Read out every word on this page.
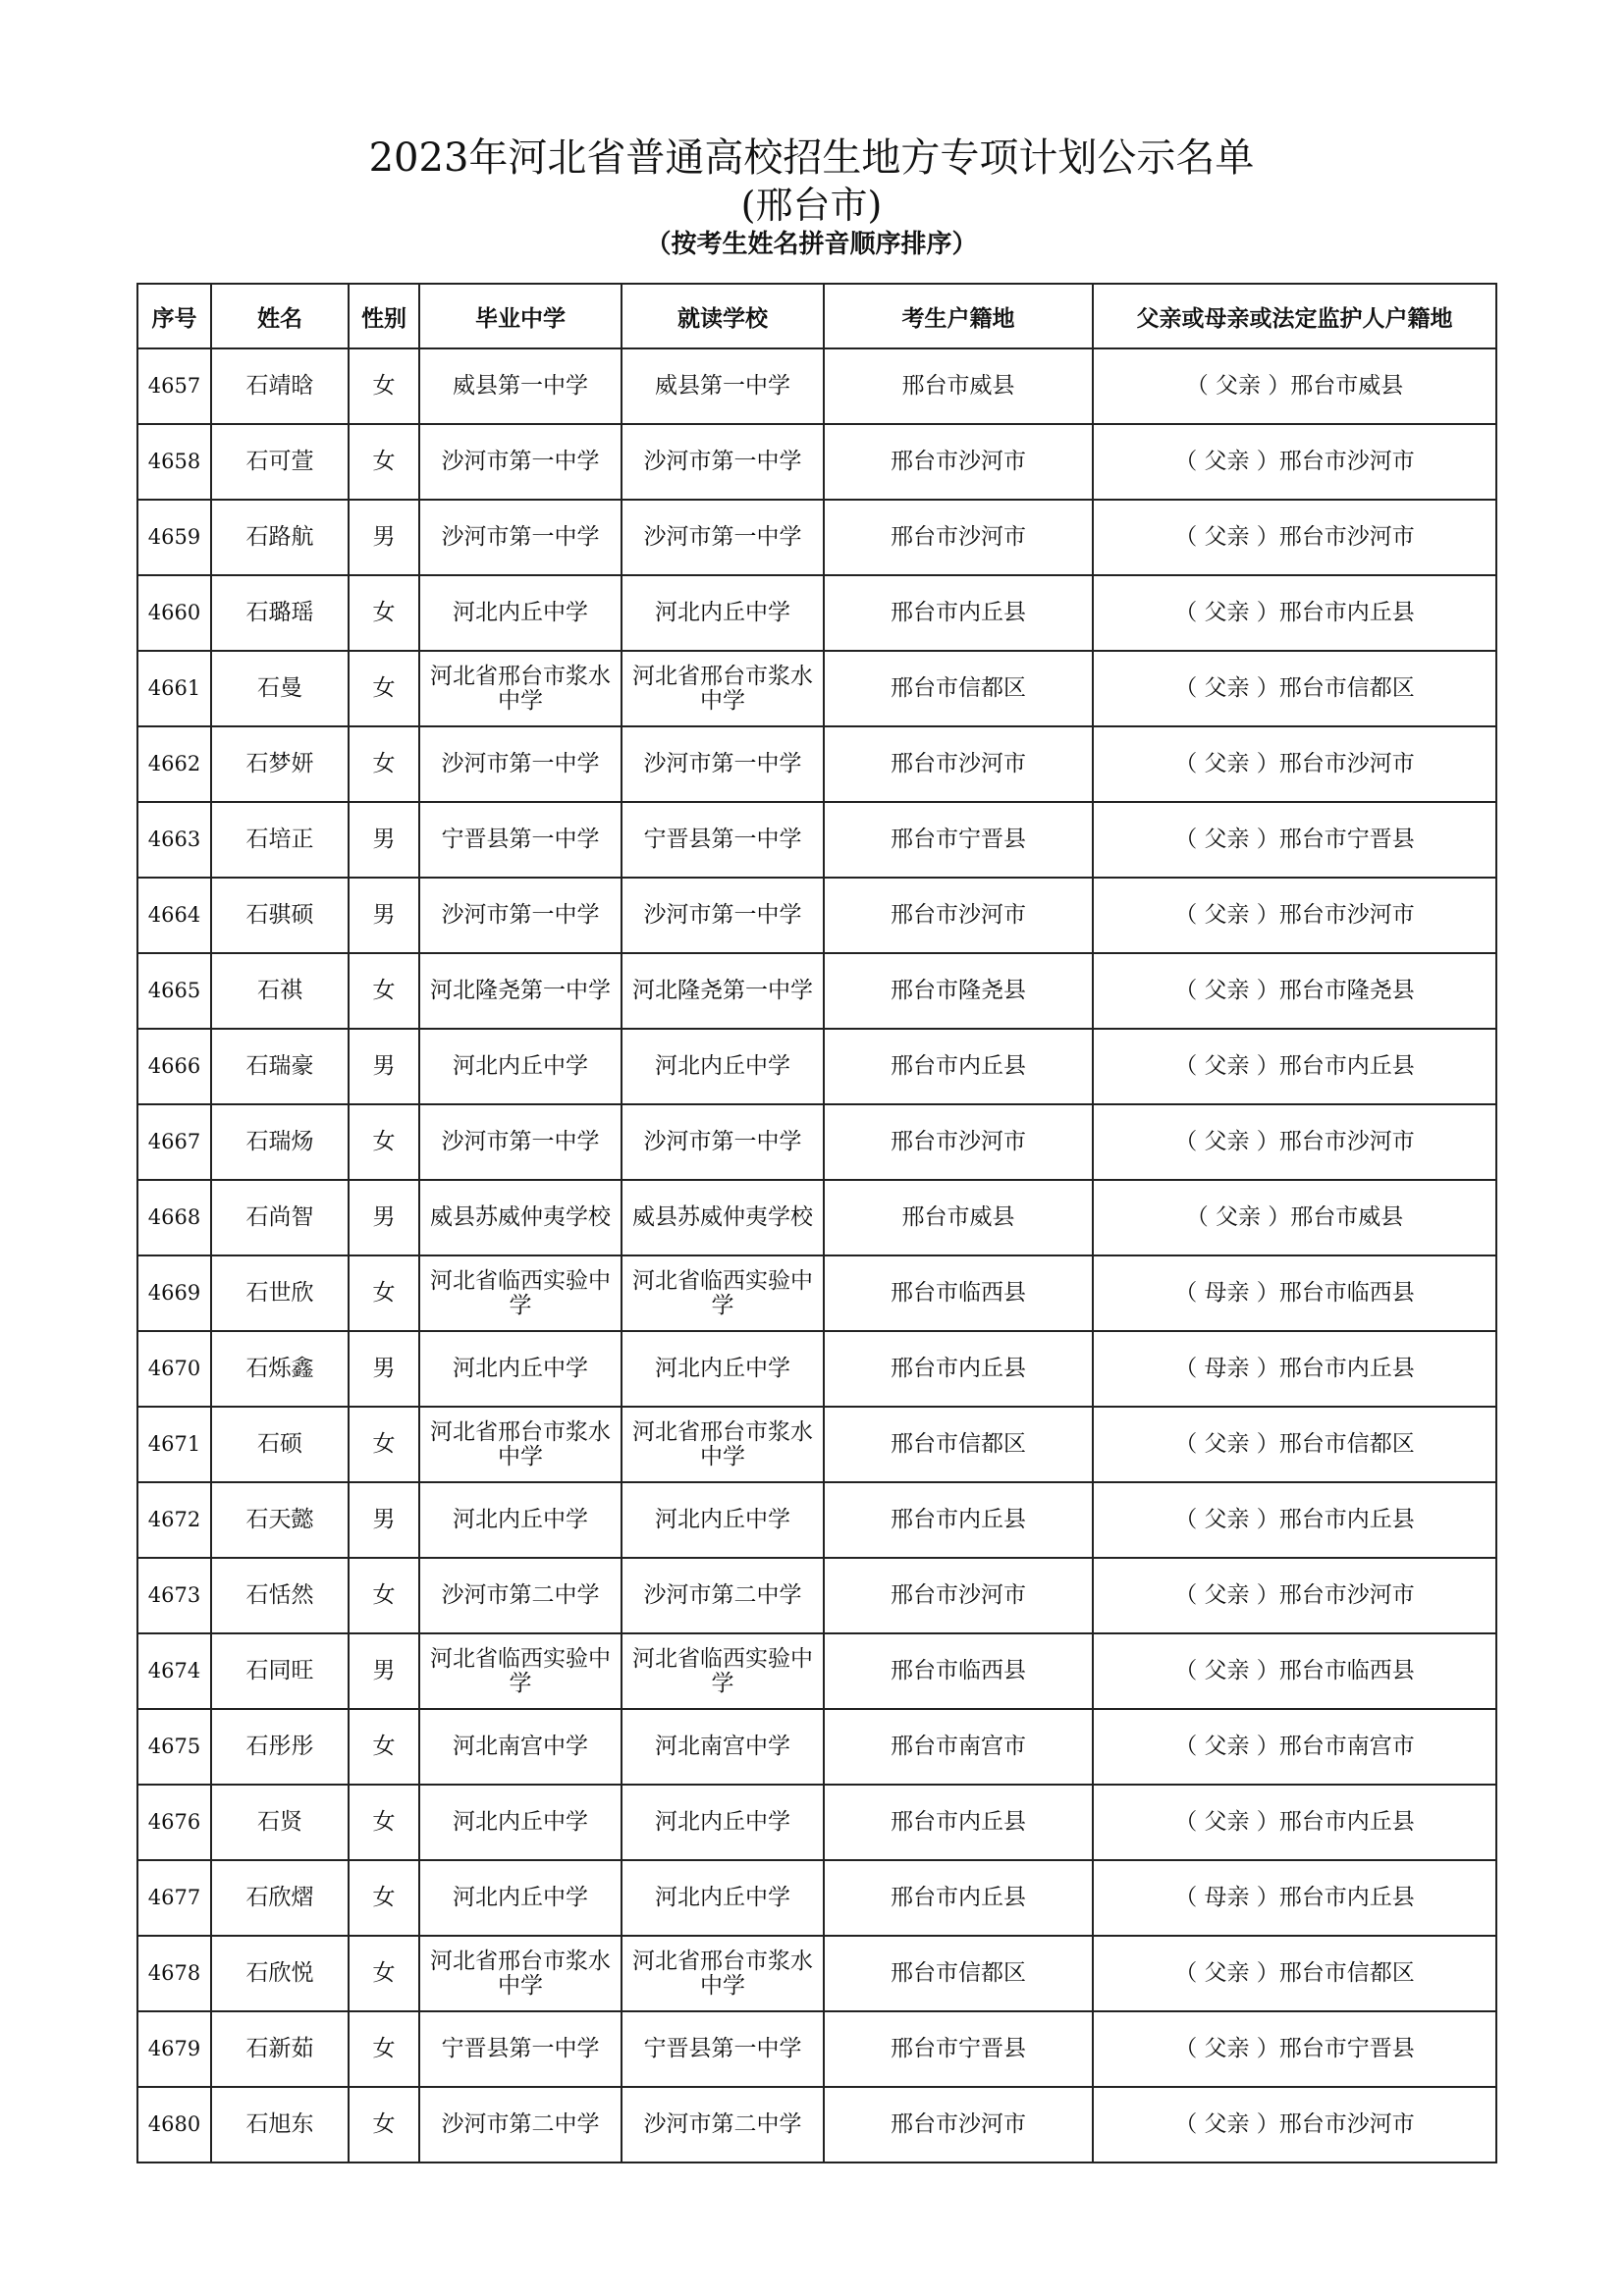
2023年河北省普通高校招生地方专项计划公示名单
(邢台市)
（按考生姓名拼音顺序排序）
序号	姓名	性别	毕业中学	就读学校	考生户籍地	父亲或母亲或法定监护人户籍地
4657	石靖晗	女	威县第一中学	威县第一中学	邢台市威县	（ 父亲 ）邢台市威县
4658	石可萱	女	沙河市第一中学	沙河市第一中学	邢台市沙河市	（ 父亲 ）邢台市沙河市
4659	石路航	男	沙河市第一中学	沙河市第一中学	邢台市沙河市	（ 父亲 ）邢台市沙河市
4660	石璐瑶	女	河北内丘中学	河北内丘中学	邢台市内丘县	（ 父亲 ）邢台市内丘县
4661	石曼	女	河北省邢台市浆水中学	河北省邢台市浆水中学	邢台市信都区	（ 父亲 ）邢台市信都区
4662	石梦妍	女	沙河市第一中学	沙河市第一中学	邢台市沙河市	（ 父亲 ）邢台市沙河市
4663	石培正	男	宁晋县第一中学	宁晋县第一中学	邢台市宁晋县	（ 父亲 ）邢台市宁晋县
4664	石骐硕	男	沙河市第一中学	沙河市第一中学	邢台市沙河市	（ 父亲 ）邢台市沙河市
4665	石祺	女	河北隆尧第一中学	河北隆尧第一中学	邢台市隆尧县	（ 父亲 ）邢台市隆尧县
4666	石瑞豪	男	河北内丘中学	河北内丘中学	邢台市内丘县	（ 父亲 ）邢台市内丘县
4667	石瑞炀	女	沙河市第一中学	沙河市第一中学	邢台市沙河市	（ 父亲 ）邢台市沙河市
4668	石尚智	男	威县苏威仲夷学校	威县苏威仲夷学校	邢台市威县	（ 父亲 ）邢台市威县
4669	石世欣	女	河北省临西实验中学	河北省临西实验中学	邢台市临西县	（ 母亲 ）邢台市临西县
4670	石烁鑫	男	河北内丘中学	河北内丘中学	邢台市内丘县	（ 母亲 ）邢台市内丘县
4671	石硕	女	河北省邢台市浆水中学	河北省邢台市浆水中学	邢台市信都区	（ 父亲 ）邢台市信都区
4672	石天懿	男	河北内丘中学	河北内丘中学	邢台市内丘县	（ 父亲 ）邢台市内丘县
4673	石恬然	女	沙河市第二中学	沙河市第二中学	邢台市沙河市	（ 父亲 ）邢台市沙河市
4674	石同旺	男	河北省临西实验中学	河北省临西实验中学	邢台市临西县	（ 父亲 ）邢台市临西县
4675	石彤彤	女	河北南宫中学	河北南宫中学	邢台市南宫市	（ 父亲 ）邢台市南宫市
4676	石贤	女	河北内丘中学	河北内丘中学	邢台市内丘县	（ 父亲 ）邢台市内丘县
4677	石欣熠	女	河北内丘中学	河北内丘中学	邢台市内丘县	（ 母亲 ）邢台市内丘县
4678	石欣悦	女	河北省邢台市浆水中学	河北省邢台市浆水中学	邢台市信都区	（ 父亲 ）邢台市信都区
4679	石新茹	女	宁晋县第一中学	宁晋县第一中学	邢台市宁晋县	（ 父亲 ）邢台市宁晋县
4680	石旭东	女	沙河市第二中学	沙河市第二中学	邢台市沙河市	（ 父亲 ）邢台市沙河市
